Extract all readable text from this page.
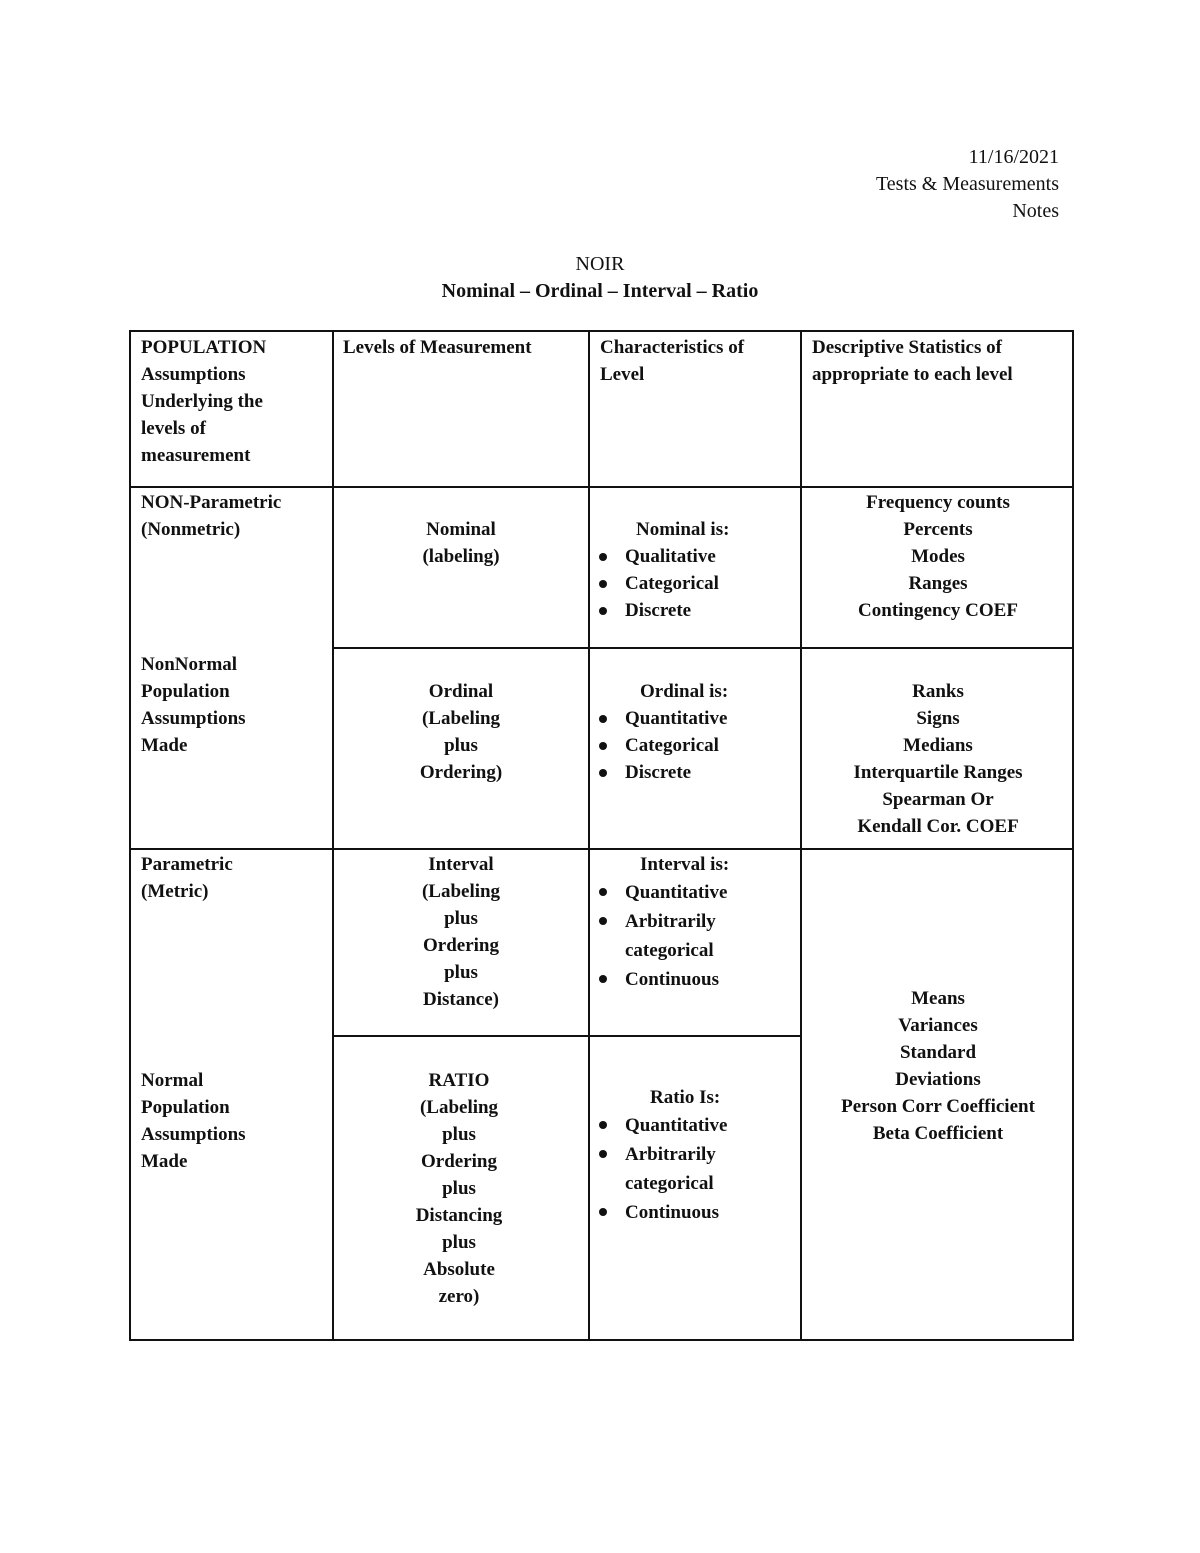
11/16/2021
Tests & Measurements
Notes
NOIR
Nominal – Ordinal – Interval – Ratio
POPULATION
Assumptions
Underlying the
levels of
measurement
Levels of Measurement	Characteristics of
Level
Descriptive Statistics of
appropriate to each level
NON-Parametric
(Nonmetric)
NonNormal
Population
Assumptions
Made
Nominal
(labeling)
Nominal is:
Qualitative
Categorical
Discrete
Frequency counts
Percents
Modes
Ranges
Contingency COEF
Ordinal
(Labeling
plus
Ordering)
Ordinal is:
Quantitative
Categorical
Discrete
Ranks
Signs
Medians
Interquartile Ranges
Spearman Or
Kendall Cor. COEF
Parametric
(Metric)
Normal
Population
Assumptions
Made
Interval
(Labeling
plus
Ordering
plus
Distance)
Interval is:
Quantitative
Arbitrarily
categorical
Continuous
RATIO
(Labeling
plus
Ordering
plus
Distancing
plus
Absolute
zero)
Ratio Is:
Quantitative
Arbitrarily
categorical
Continuous
Means
Variances
Standard
Deviations
Person Corr Coefficient
Beta Coefficient
